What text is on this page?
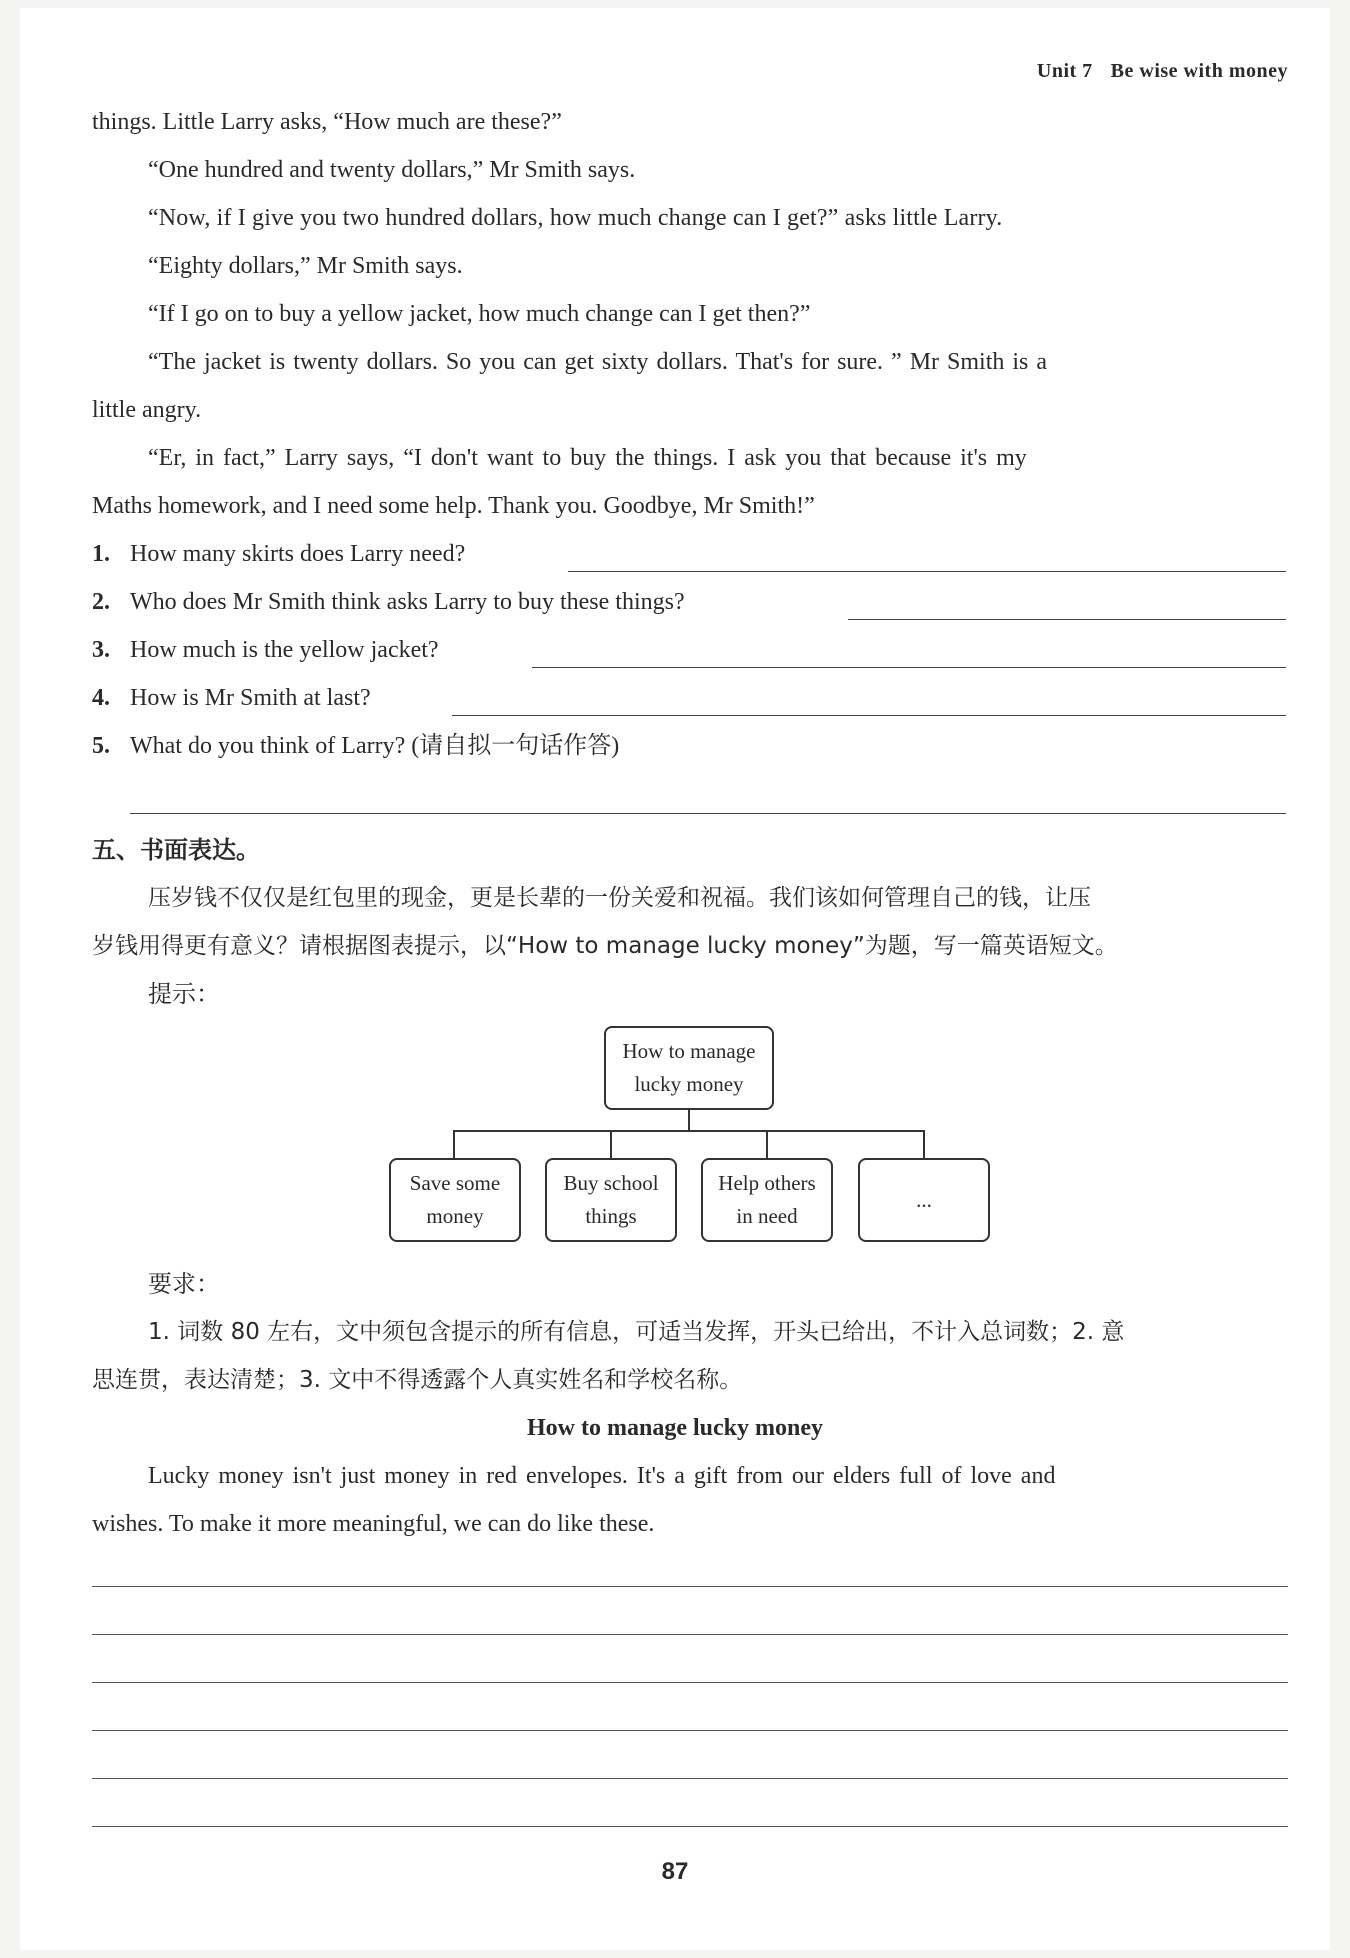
Unit 7 Be wise with money
things. Little Larry asks, “How much are these?”
“One hundred and twenty dollars,” Mr Smith says.
“Now, if I give you two hundred dollars, how much change can I get?” asks little Larry.
“Eighty dollars,” Mr Smith says.
“If I go on to buy a yellow jacket, how much change can I get then?”
“The jacket is twenty dollars. So you can get sixty dollars. That's for sure. ” Mr Smith is a
little angry.
“Er, in fact,” Larry says, “I don't want to buy the things. I ask you that because it's my
Maths homework, and I need some help. Thank you. Goodbye, Mr Smith!”
1. How many skirts does Larry need?
2. Who does Mr Smith think asks Larry to buy these things?
3. How much is the yellow jacket?
4. How is Mr Smith at last?
5. What do you think of Larry? (请自拟一句话作答)
五、书面表达。
压岁钱不仅仅是红包里的现金，更是长辈的一份关爱和祝福。我们该如何管理自己的钱，让压
岁钱用得更有意义？请根据图表提示，以“How to manage lucky money”为题，写一篇英语短文。
提示：
How to manage
lucky money
Save some
money
Buy school
things
Help others
in need
...
要求：
1. 词数 80 左右，文中须包含提示的所有信息，可适当发挥，开头已给出，不计入总词数；2. 意
思连贯，表达清楚；3. 文中不得透露个人真实姓名和学校名称。
How to manage lucky money
Lucky money isn't just money in red envelopes. It's a gift from our elders full of love and
wishes. To make it more meaningful, we can do like these.
87
